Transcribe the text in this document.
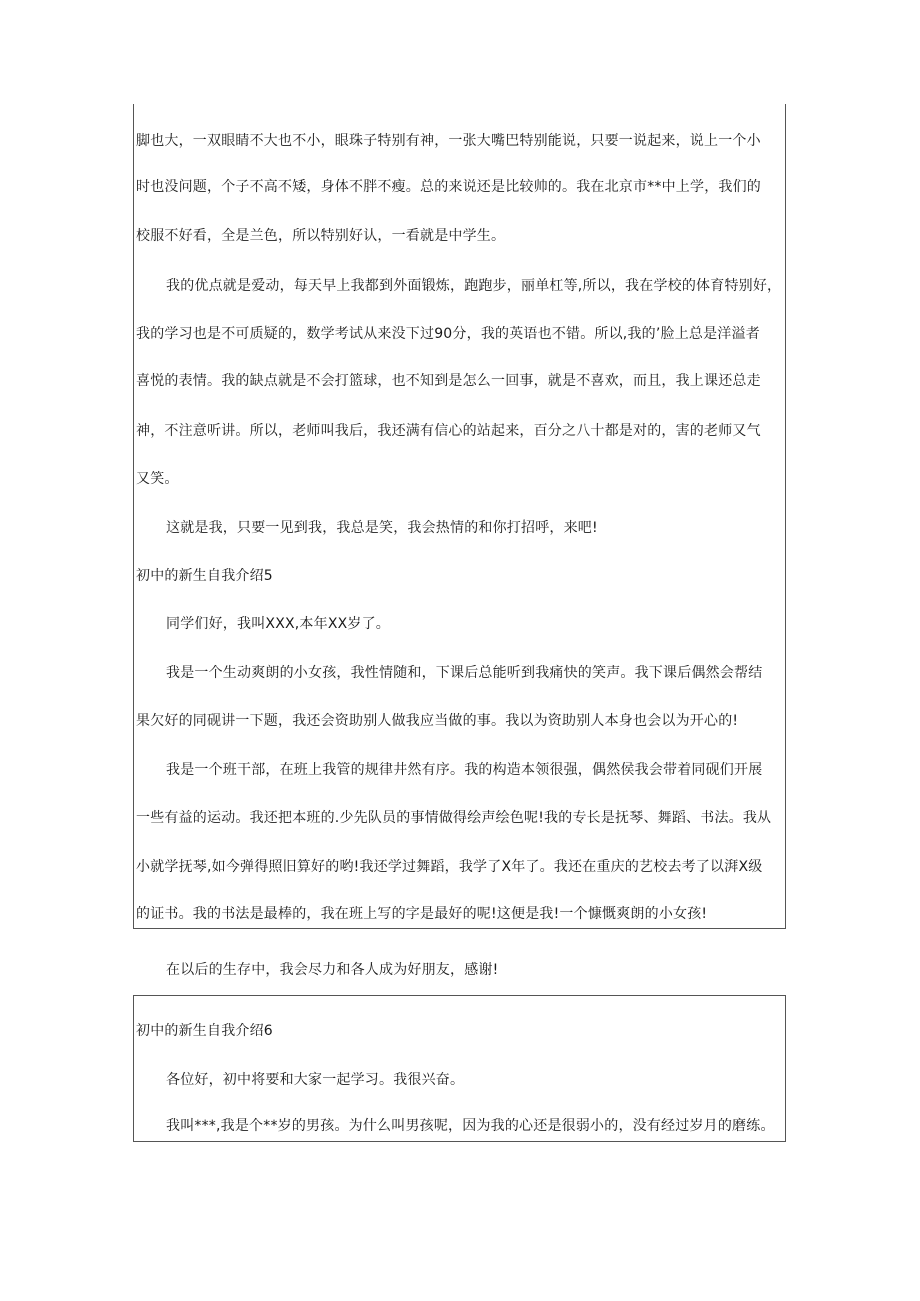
脚也大，一双眼睛不大也不小，眼珠子特别有神，一张大嘴巴特别能说，只要一说起来，说上一个小

时也没问题，个子不高不矮，身体不胖不瘦。总的来说还是比较帅的。我在北京市**中上学，我们的

校服不好看，全是兰色，所以特别好认，一看就是中学生。

我的优点就是爱动，每天早上我都到外面锻炼，跑跑步，丽单杠等,所以，我在学校的体育特别好，

我的学习也是不可质疑的，数学考试从来没下过90分，我的英语也不错。所以,我的’脸上总是洋溢者

喜悦的表情。我的缺点就是不会打篮球，也不知到是怎么一回事，就是不喜欢，而且，我上课还总走

神，不注意听讲。所以，老师叫我后，我还满有信心的站起来，百分之八十都是对的，害的老师又气

又笑。

这就是我，只要一见到我，我总是笑，我会热情的和你打招呼，来吧!

初中的新生自我介绍5

同学们好，我叫XXX,本年XX岁了。

我是一个生动爽朗的小女孩，我性情随和，下课后总能听到我痛快的笑声。我下课后偶然会帮结

果欠好的同砚讲一下题，我还会资助别人做我应当做的事。我以为资助别人本身也会以为开心的!

我是一个班干部，在班上我管的规律井然有序。我的构造本领很强，偶然侯我会带着同砚们开展

一些有益的运动。我还把本班的.少先队员的事情做得绘声绘色呢!我的专长是抚琴、舞蹈、书法。我从

小就学抚琴,如今弹得照旧算好的哟!我还学过舞蹈，我学了X年了。我还在重庆的艺校去考了以湃X级

的证书。我的书法是最棒的，我在班上写的字是最好的呢!这便是我!一个慷慨爽朗的小女孩!

在以后的生存中，我会尽力和各人成为好朋友，感谢!

初中的新生自我介绍6

各位好，初中将要和大家一起学习。我很兴奋。

我叫***,我是个**岁的男孩。为什么叫男孩呢，因为我的心还是很弱小的，没有经过岁月的磨练。
